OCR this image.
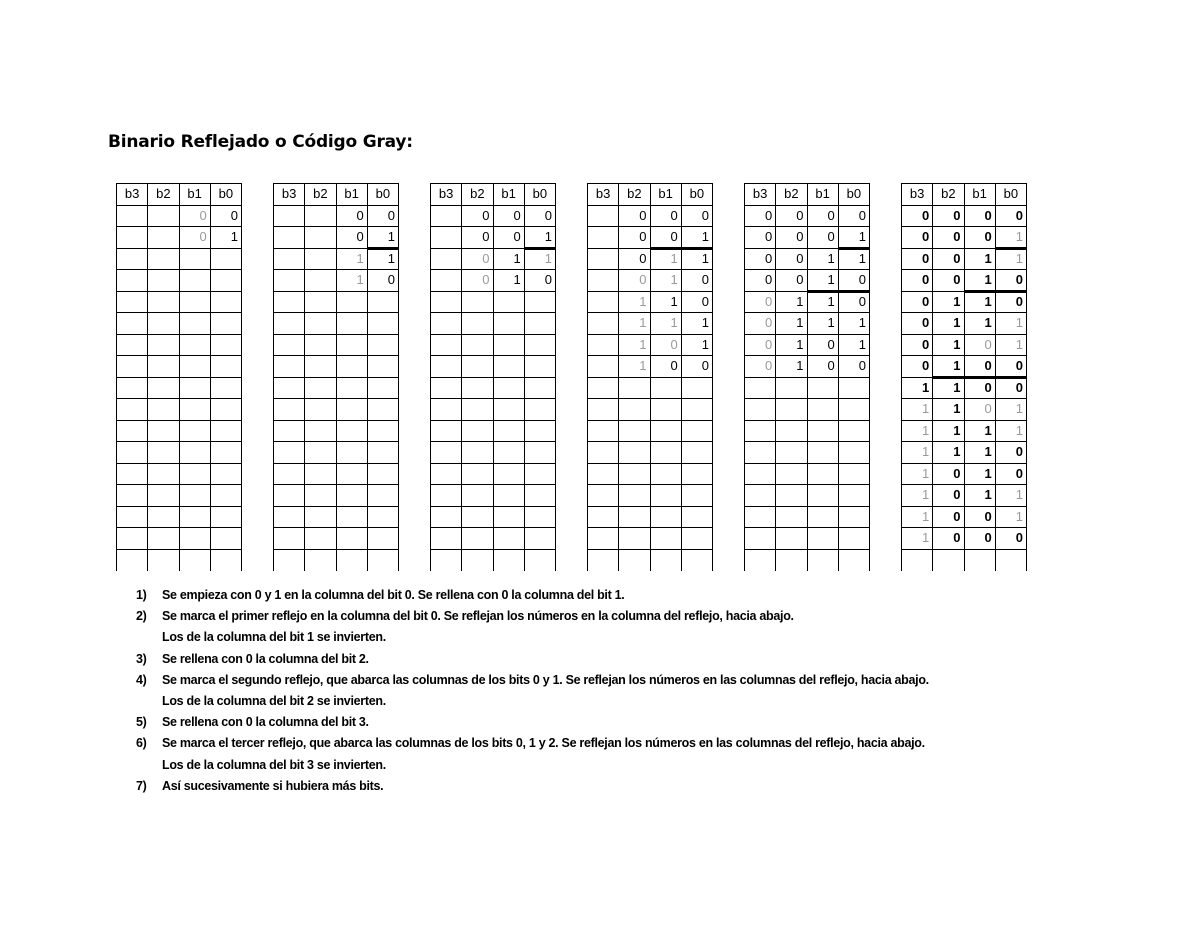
Binario Reflejado o Código Gray:
b3	b2	b1	b0
		0	0
		0	1

b3	b2	b1	b0
		0	0
		0	1
		1	1
		1	0

b3	b2	b1	b0
	0	0	0
	0	0	1
	0	1	1
	0	1	0

b3	b2	b1	b0
	0	0	0
	0	0	1
	0	1	1
	0	1	0
	1	1	0
	1	1	1
	1	0	1
	1	0	0

b3	b2	b1	b0
0	0	0	0
0	0	0	1
0	0	1	1
0	0	1	0
0	1	1	0
0	1	1	1
0	1	0	1
0	1	0	0

b3	b2	b1	b0
0	0	0	0
0	0	0	1
0	0	1	1
0	0	1	0
0	1	1	0
0	1	1	1
0	1	0	1
0	1	0	0
1	1	0	0
1	1	0	1
1	1	1	1
1	1	1	0
1	0	1	0
1	0	1	1
1	0	0	1
1	0	0	0

1) Se empieza con 0 y 1 en la columna del bit 0. Se rellena con 0 la columna del bit 1.
2) Se marca el primer reflejo en la columna del bit 0. Se reflejan los números en la columna del reflejo, hacia abajo.
Los de la columna del bit 1 se invierten.
3) Se rellena con 0 la columna del bit 2.
4) Se marca el segundo reflejo, que abarca las columnas de los bits 0 y 1. Se reflejan los números en las columnas del reflejo, hacia abajo.
Los de la columna del bit 2 se invierten.
5) Se rellena con 0 la columna del bit 3.
6) Se marca el tercer reflejo, que abarca las columnas de los bits 0, 1 y 2. Se reflejan los números en las columnas del reflejo, hacia abajo.
Los de la columna del bit 3 se invierten.
7) Así sucesivamente si hubiera más bits.
